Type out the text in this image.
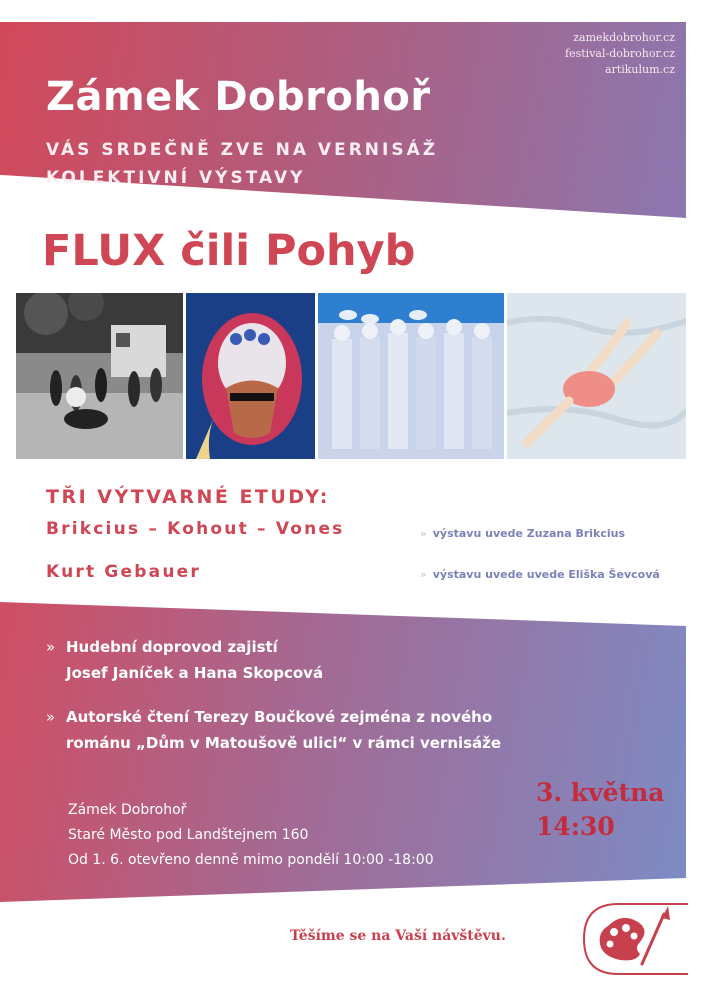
zamekdobrohor.cz
festival-dobrohor.cz
artikulum.cz
Zámek Dobrohoř
VÁS SRDEČNĚ ZVE NA VERNISÁŽ
KOLEKTIVNÍ VÝSTAVY
FLUX čili Pohyb
TŘI VÝTVARNÉ ETUDY:
Brikcius – Kohout – Vones	» výstavu uvede Zuzana Brikcius
Kurt Gebauer	» výstavu uvede uvede Eliška Ševcová
» Hudební doprovod zajistí
Josef Janíček a Hana Skopcová
» Autorské čtení Terezy Boučkové zejména z nového
románu „Dům v Matoušově ulici“ v rámci vernisáže
Zámek Dobrohoř
Staré Město pod Landštejnem 160
Od 1. 6. otevřeno denně mimo pondělí 10:00 -18:00
3. května
14:30
Těšíme se na Vaší návštěvu.
